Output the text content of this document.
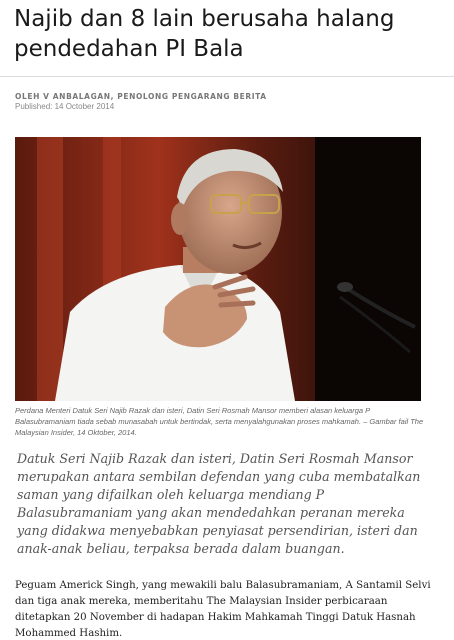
Najib dan 8 lain berusaha halang pendedahan PI Bala
OLEH V ANBALAGAN, PENOLONG PENGARANG BERITA
Published: 14 October 2014
Perdana Menteri Datuk Seri Najib Razak dan isteri, Datin Seri Rosmah Mansor memberi alasan keluarga P Balasubramaniam tiada sebab munasabah untuk bertindak, serta menyalahgunakan proses mahkamah. – Gambar fail The Malaysian Insider, 14 Oktober, 2014.
Datuk Seri Najib Razak dan isteri, Datin Seri Rosmah Mansor merupakan antara sembilan defendan yang cuba membatalkan saman yang difailkan oleh keluarga mendiang P Balasubramaniam yang akan mendedahkan peranan mereka yang didakwa menyebabkan penyiasat persendirian, isteri dan anak-anak beliau, terpaksa berada dalam buangan.
Peguam Americk Singh, yang mewakili balu Balasubramaniam, A Santamil Selvi dan tiga anak mereka, memberitahu The Malaysian Insider perbicaraan ditetapkan 20 November di hadapan Hakim Mahkamah Tinggi Datuk Hasnah Mohammed Hashim.
